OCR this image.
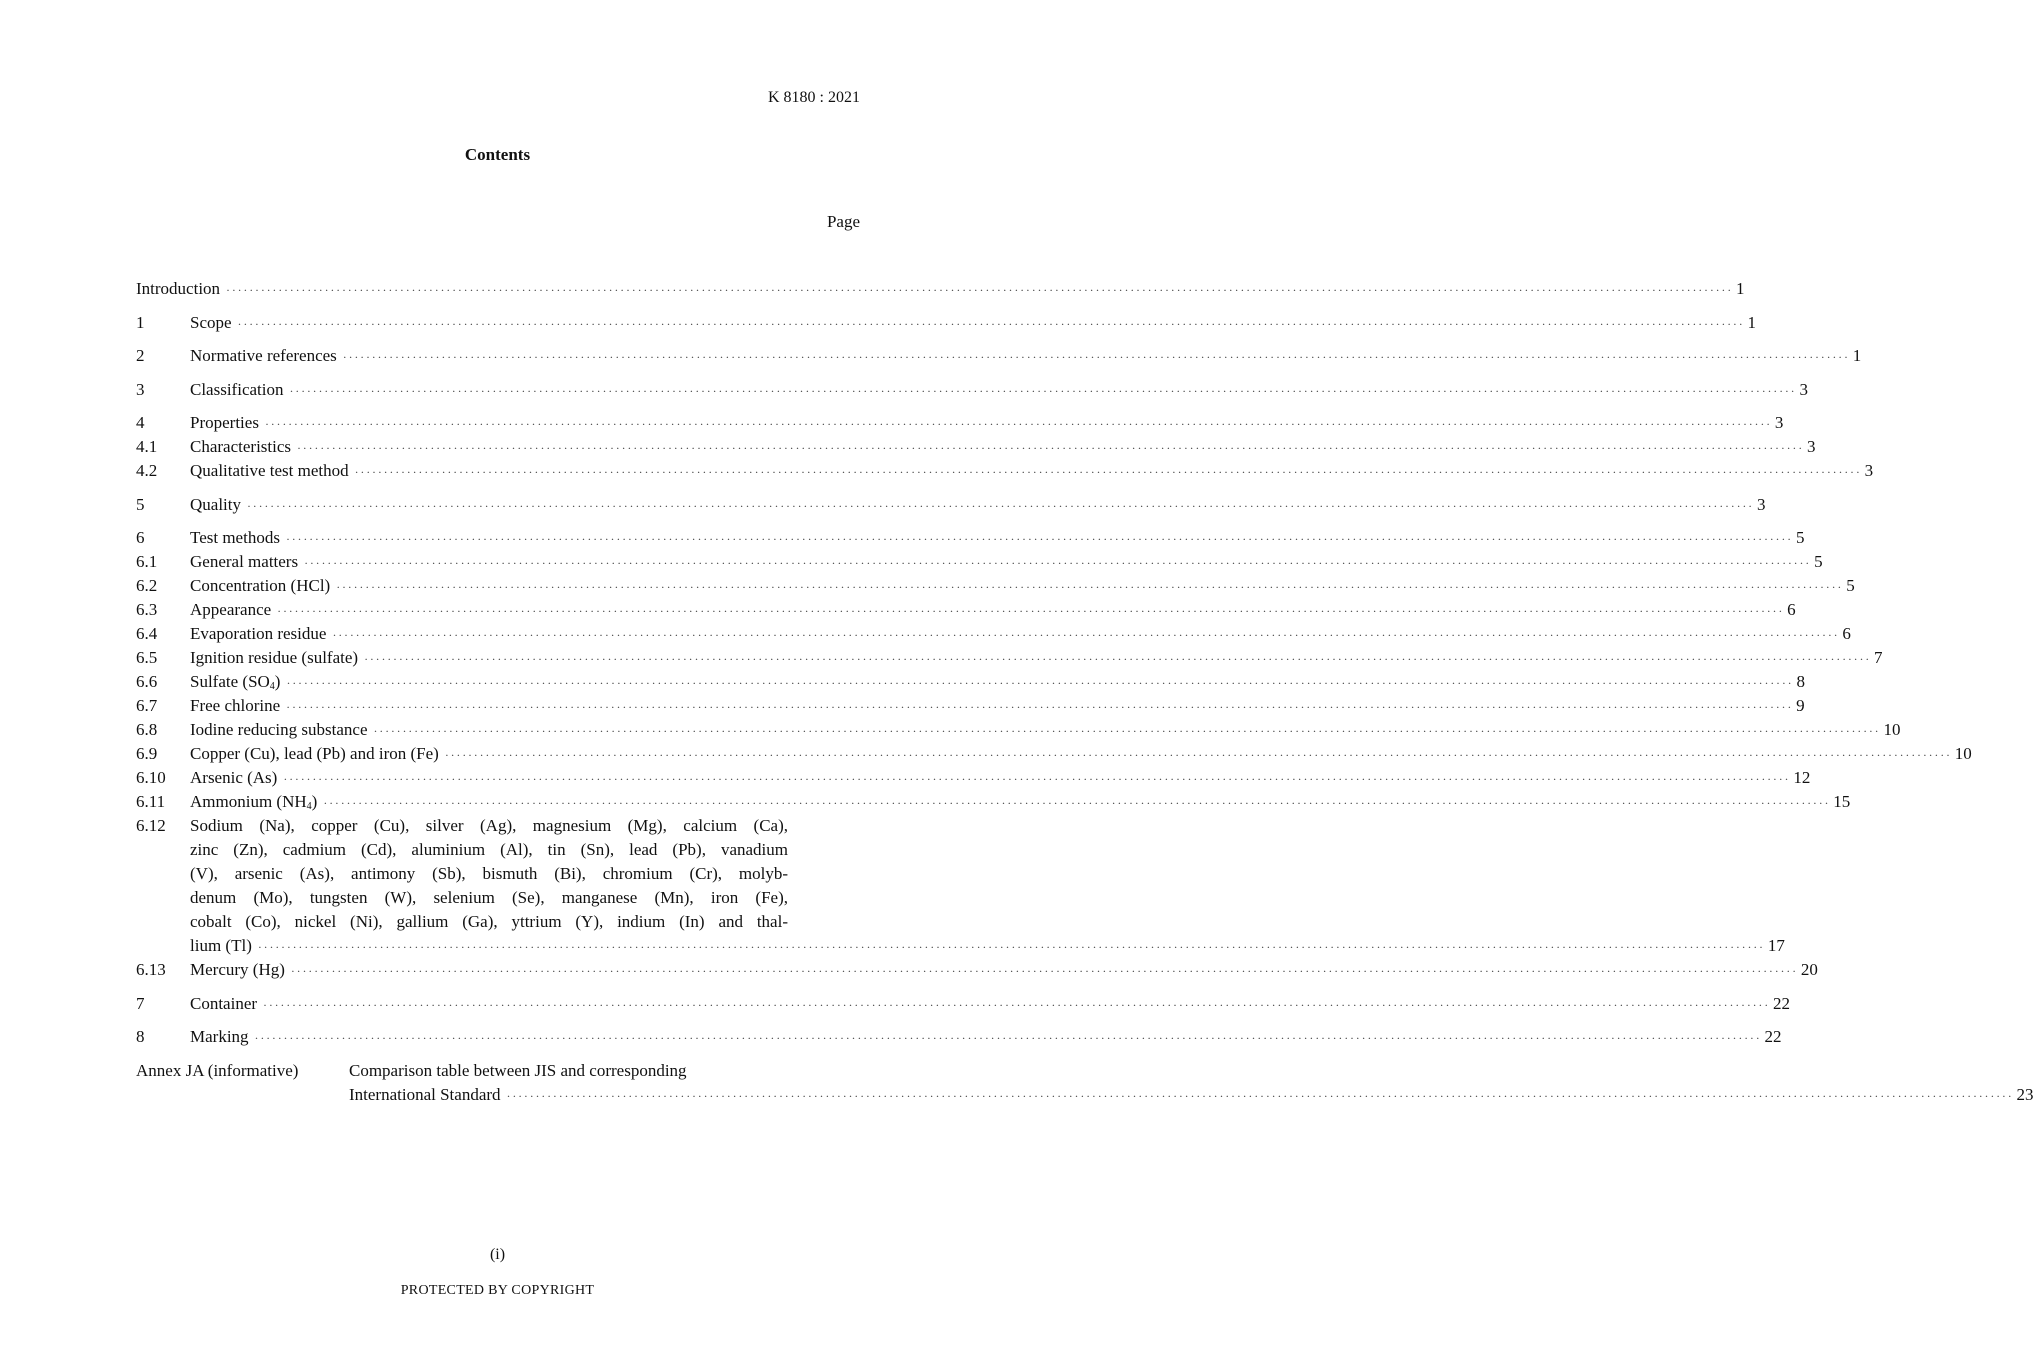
K 8180 : 2021
Contents
Page
Introduction ···································································································································································································································································· 1
1	Scope ···································································································································································································································································· 1
2	Normative references ···································································································································································································································································· 1
3	Classification ···································································································································································································································································· 3
4	Properties ···································································································································································································································································· 3
4.1	Characteristics ···································································································································································································································································· 3
4.2	Qualitative test method ···································································································································································································································································· 3
5	Quality ···································································································································································································································································· 3
6	Test methods ···································································································································································································································································· 5
6.1	General matters ···································································································································································································································································· 5
6.2	Concentration (HCl) ···································································································································································································································································· 5
6.3	Appearance ···································································································································································································································································· 6
6.4	Evaporation residue ···································································································································································································································································· 6
6.5	Ignition residue (sulfate) ···································································································································································································································································· 7
6.6	Sulfate $(SO_4)$ ···································································································································································································································································· 8
6.7	Free chlorine ···································································································································································································································································· 9
6.8	Iodine reducing substance ···································································································································································································································································· 10
6.9	Copper (Cu), lead (Pb) and iron (Fe) ···································································································································································································································································· 10
6.10	Arsenic (As) ···································································································································································································································································· 12
6.11	Ammonium $(NH_4)$ ···································································································································································································································································· 15
6.12	Sodium (Na), copper (Cu), silver (Ag), magnesium (Mg), calcium (Ca),
zinc (Zn), cadmium (Cd), aluminium (Al), tin (Sn), lead (Pb), vanadium
(V), arsenic (As), antimony (Sb), bismuth (Bi), chromium (Cr), molyb-
denum (Mo), tungsten (W), selenium (Se), manganese (Mn), iron (Fe),
cobalt (Co), nickel (Ni), gallium (Ga), yttrium (Y), indium (In) and thal-
lium (Tl) ···································································································································································································································································· 17
6.13	Mercury (Hg) ···································································································································································································································································· 20
7	Container ···································································································································································································································································· 22
8	Marking ···································································································································································································································································· 22
Annex JA (informative)	Comparison table between JIS and corresponding
International Standard ···································································································································································································································································· 23
(i)
PROTECTED BY COPYRIGHT
